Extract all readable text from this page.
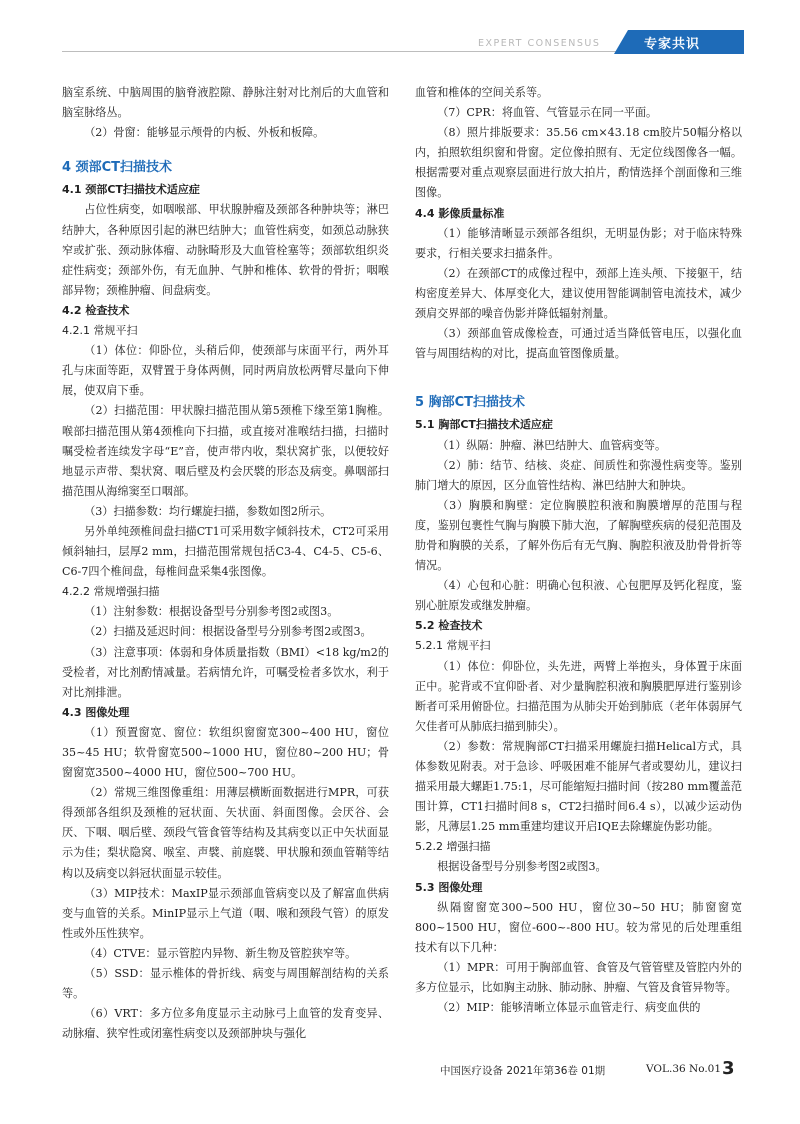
EXPERT CONSENSUS	专家共识

脑室系统、中脑周围的脑脊液腔隙、静脉注射对比剂后的大血管和脑室脉络丛。

（2）骨窗：能够显示颅骨的内板、外板和板障。

4 颈部CT扫描技术

4.1 颈部CT扫描技术适应症

占位性病变，如咽喉部、甲状腺肿瘤及颈部各种肿块等；淋巴结肿大，各种原因引起的淋巴结肿大；血管性病变，如颈总动脉狭窄或扩张、颈动脉体瘤、动脉畸形及大血管栓塞等；颈部软组织炎症性病变；颈部外伤，有无血肿、气肿和椎体、软骨的骨折；咽喉部异物；颈椎肿瘤、间盘病变。

4.2 检查技术

4.2.1 常规平扫

（1）体位：仰卧位，头稍后仰，使颈部与床面平行，两外耳孔与床面等距，双臂置于身体两侧，同时两肩放松两臂尽量向下伸展，使双肩下垂。

（2）扫描范围：甲状腺扫描范围从第5颈椎下缘至第1胸椎。喉部扫描范围从第4颈椎向下扫描，或直接对准喉结扫描，扫描时嘱受检者连续发字母“E”音，使声带内收，梨状窝扩张，以便较好地显示声带、梨状窝、咽后壁及杓会厌襞的形态及病变。鼻咽部扫描范围从海绵窦至口咽部。

（3）扫描参数：均行螺旋扫描，参数如图2所示。

另外单纯颈椎间盘扫描CT1可采用数字倾斜技术，CT2可采用倾斜轴扫，层厚2 mm，扫描范围常规包括C3-4、C4-5、C5-6、C6-7四个椎间盘，每椎间盘采集4张图像。

4.2.2 常规增强扫描

（1）注射参数：根据设备型号分别参考图2或图3。

（2）扫描及延迟时间：根据设备型号分别参考图2或图3。

（3）注意事项：体弱和身体质量指数（BMI）<18 kg/m2的受检者，对比剂酌情减量。若病情允许，可嘱受检者多饮水，利于对比剂排泄。

4.3 图像处理

（1）预置窗宽、窗位：软组织窗窗宽300~400 HU，窗位35~45 HU；软骨窗宽500~1000 HU，窗位80~200 HU；骨窗窗宽3500~4000 HU，窗位500~700 HU。

（2）常规三维图像重组：用薄层横断面数据进行MPR，可获得颈部各组织及颈椎的冠状面、矢状面、斜面图像。会厌谷、会厌、下咽、咽后壁、颈段气管食管等结构及其病变以正中矢状面显示为佳；梨状隐窝、喉室、声襞、前庭襞、甲状腺和颈血管鞘等结构以及病变以斜冠状面显示较佳。

（3）MIP技术：MaxIP显示颈部血管病变以及了解富血供病变与血管的关系。MinIP显示上气道（咽、喉和颈段气管）的原发性或外压性狭窄。

（4）CTVE：显示管腔内异物、新生物及管腔狭窄等。

（5）SSD：显示椎体的骨折线、病变与周围解剖结构的关系等。

（6）VRT：多方位多角度显示主动脉弓上血管的发育变异、动脉瘤、狭窄性或闭塞性病变以及颈部肿块与强化

血管和椎体的空间关系等。

（7）CPR：将血管、气管显示在同一平面。

（8）照片排版要求：35.56 cm×43.18 cm胶片50幅分格以内，拍照软组织窗和骨窗。定位像拍照有、无定位线图像各一幅。根据需要对重点观察层面进行放大拍片，酌情选择个剖面像和三维图像。

4.4 影像质量标准

（1）能够清晰显示颈部各组织，无明显伪影；对于临床特殊要求，行相关要求扫描条件。

（2）在颈部CT的成像过程中，颈部上连头颅、下接躯干，结构密度差异大、体厚变化大，建议使用智能调制管电流技术，减少颈肩交界部的噪音伪影并降低辐射剂量。

（3）颈部血管成像检查，可通过适当降低管电压，以强化血管与周围结构的对比，提高血管图像质量。

5 胸部CT扫描技术

5.1 胸部CT扫描技术适应症

（1）纵隔：肿瘤、淋巴结肿大、血管病变等。

（2）肺：结节、结核、炎症、间质性和弥漫性病变等。鉴别肺门增大的原因，区分血管性结构、淋巴结肿大和肿块。

（3）胸膜和胸壁：定位胸膜腔积液和胸膜增厚的范围与程度，鉴别包裹性气胸与胸膜下肺大泡，了解胸壁疾病的侵犯范围及肋骨和胸膜的关系，了解外伤后有无气胸、胸腔积液及肋骨骨折等情况。

（4）心包和心脏：明确心包积液、心包肥厚及钙化程度，鉴别心脏原发或继发肿瘤。

5.2 检查技术

5.2.1 常规平扫

（1）体位：仰卧位，头先进，两臂上举抱头，身体置于床面正中。驼背或不宜仰卧者、对少量胸腔积液和胸膜肥厚进行鉴别诊断者可采用俯卧位。扫描范围为从肺尖开始到肺底（老年体弱屏气欠佳者可从肺底扫描到肺尖）。

（2）参数：常规胸部CT扫描采用螺旋扫描Helical方式，具体参数见附表。对于急诊、呼吸困难不能屏气者或婴幼儿，建议扫描采用最大螺距1.75:1，尽可能缩短扫描时间（按280 mm覆盖范围计算，CT1扫描时间8 s，CT2扫描时间6.4 s），以减少运动伪影，凡薄层1.25 mm重建均建议开启IQE去除螺旋伪影功能。

5.2.2 增强扫描

根据设备型号分别参考图2或图3。

5.3 图像处理

纵隔窗窗宽300~500 HU，窗位30~50 HU；肺窗窗宽800~1500 HU，窗位-600~-800 HU。较为常见的后处理重组技术有以下几种：

（1）MPR：可用于胸部血管、食管及气管管壁及管腔内外的多方位显示，比如胸主动脉、肺动脉、肿瘤、气管及食管异物等。

（2）MIP：能够清晰立体显示血管走行、病变血供的

中国医疗设备 2021年第36卷 01期	VOL.36 No.01 3
